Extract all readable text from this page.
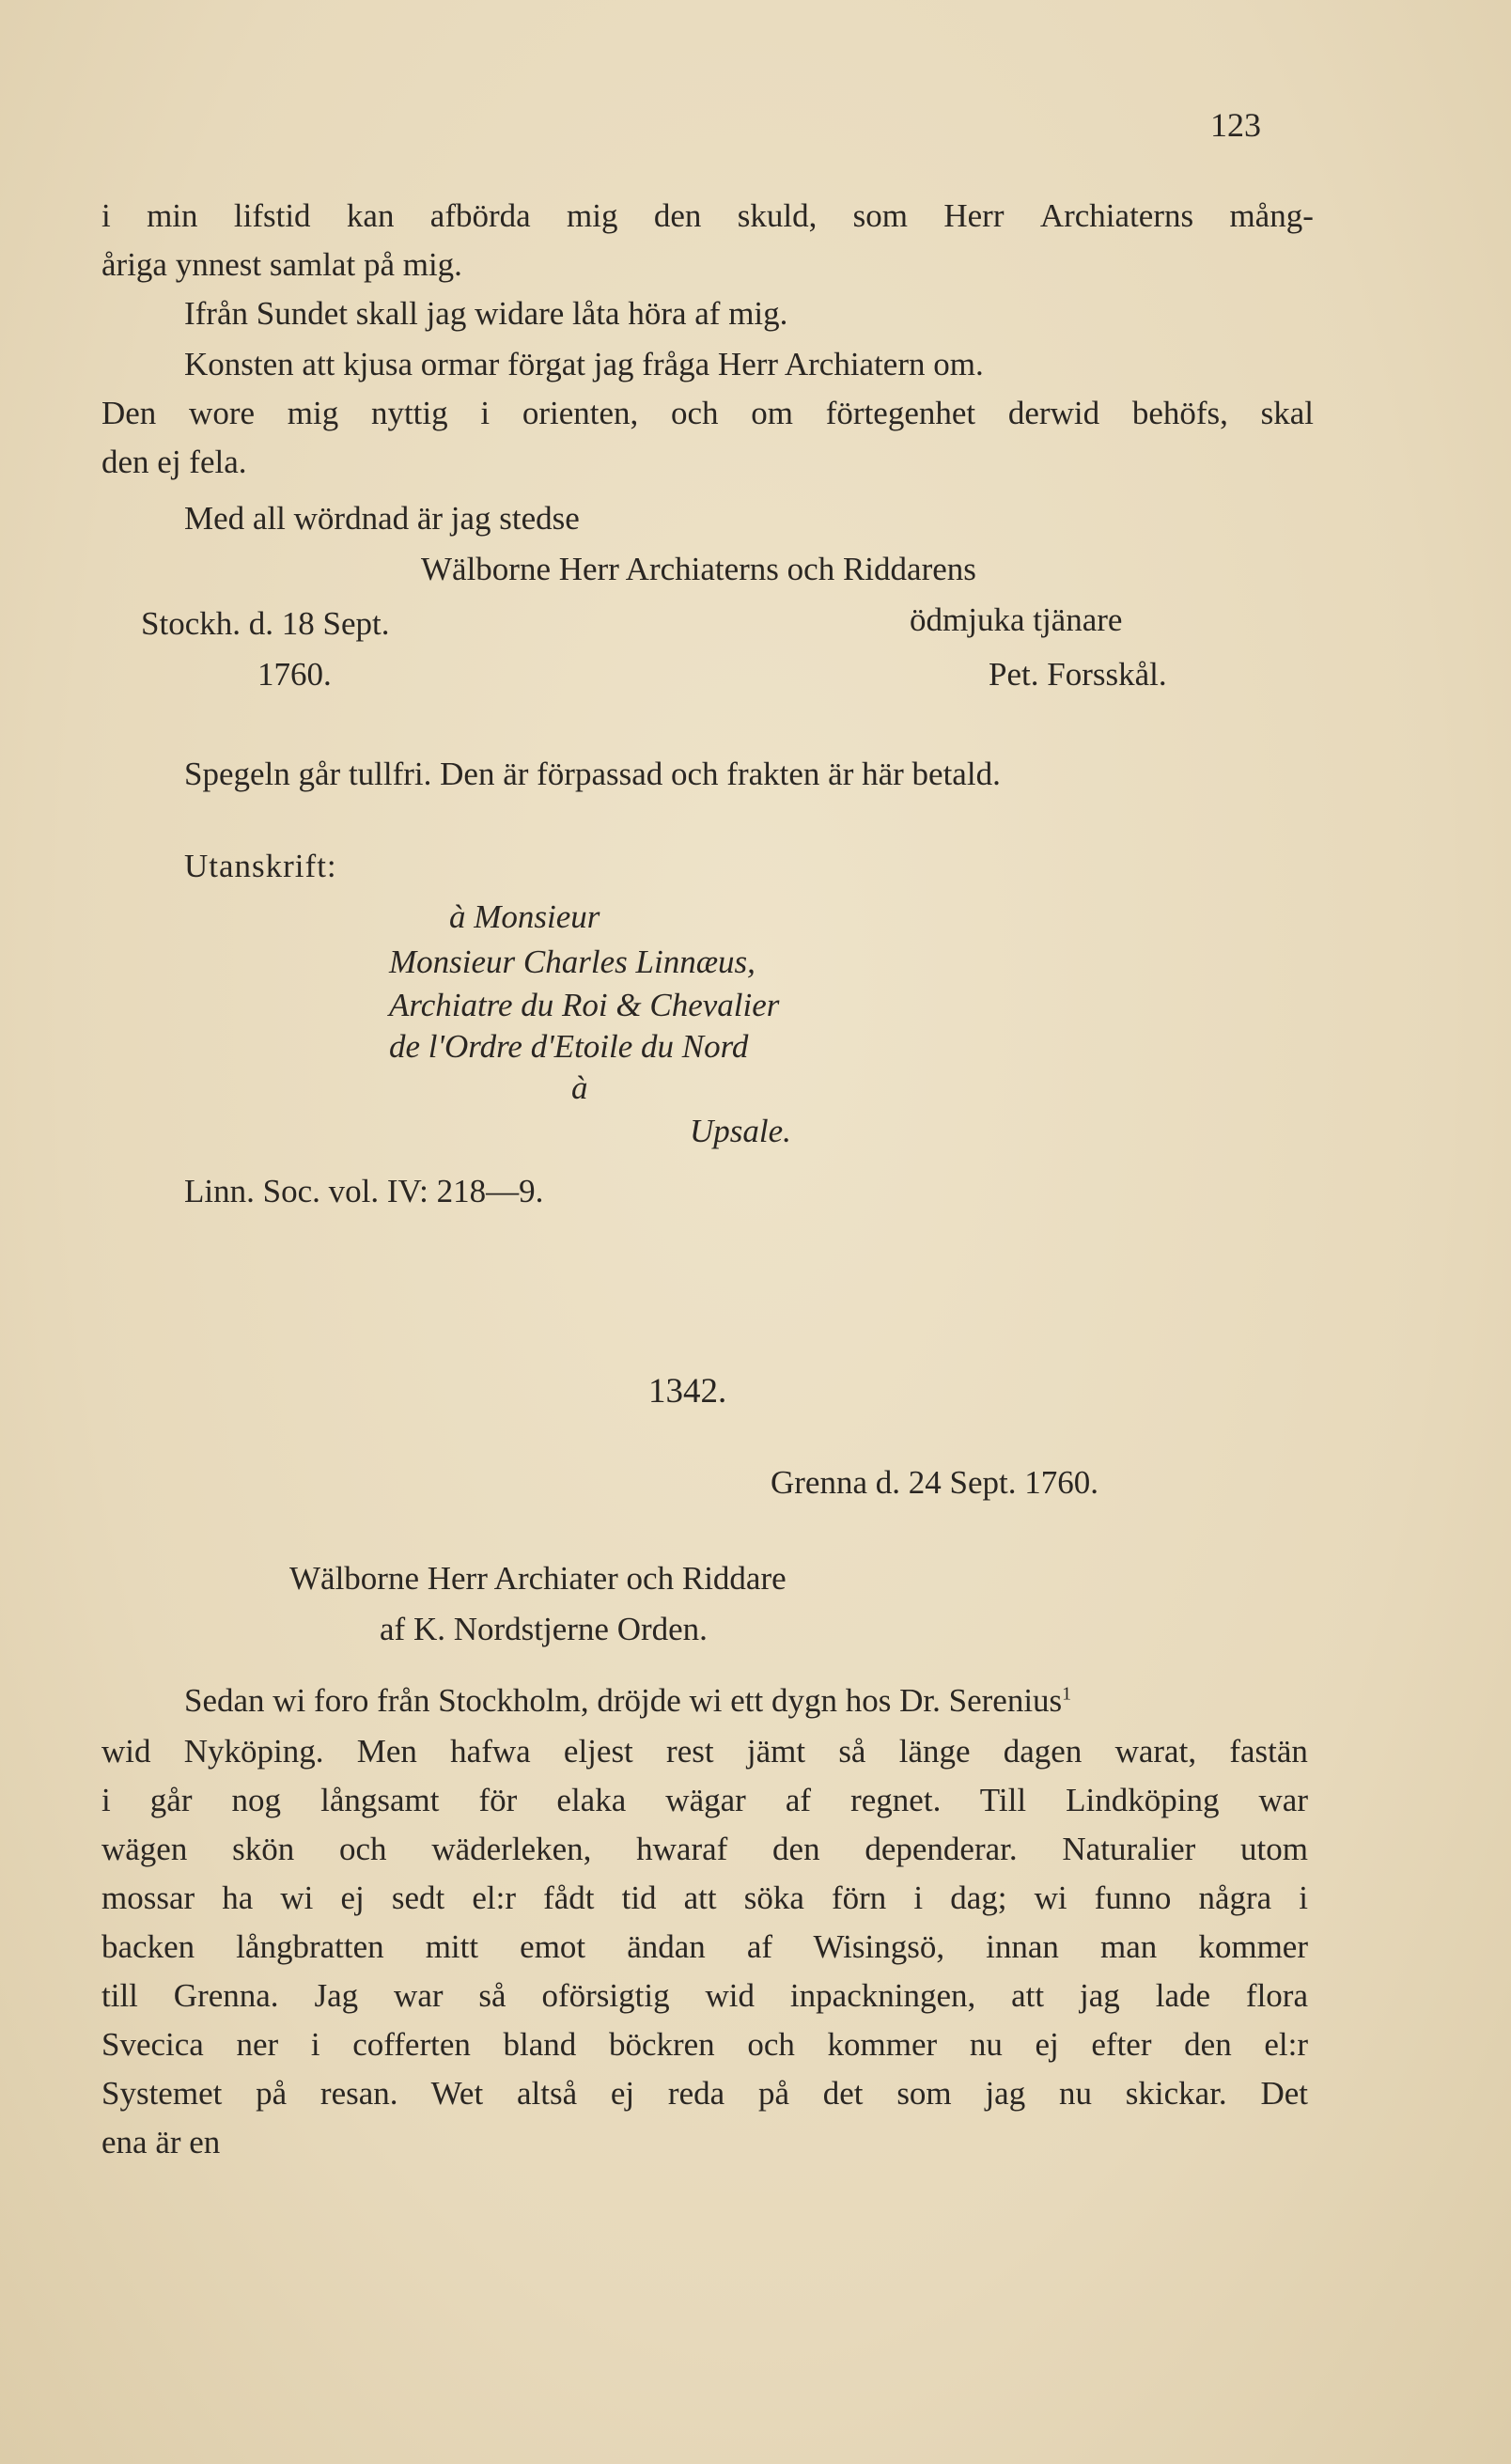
123
i min lifstid kan afbörda mig den skuld, som Herr Archiaterns mång-
åriga ynnest samlat på mig.
Ifrån Sundet skall jag widare låta höra af mig.
Konsten att kjusa ormar förgat jag fråga Herr Archiatern om.
Den wore mig nyttig i orienten, och om förtegenhet derwid behöfs, skal
den ej fela.
Med all wördnad är jag stedse
Wälborne Herr Archiaterns och Riddarens
Stockh. d. 18 Sept.	ödmjuka tjänare
1760.	Pet. Forsskål.
Spegeln går tullfri. Den är förpassad och frakten är här betald.
Utanskrift:
à Monsieur
Monsieur Charles Linnæus,
Archiatre du Roi & Chevalier
de l'Ordre d'Etoile du Nord
à
Upsale.
Linn. Soc. vol. IV: 218—9.
1342.
Grenna d. 24 Sept. 1760.
Wälborne Herr Archiater och Riddare
af K. Nordstjerne Orden.
Sedan wi foro från Stockholm, dröjde wi ett dygn hos Dr. Serenius$^1$
wid Nyköping. Men hafwa eljest rest jämt så länge dagen warat, fastän
i går nog långsamt för elaka wägar af regnet. Till Lindköping war
wägen skön och wäderleken, hwaraf den dependerar. Naturalier utom
mossar ha wi ej sedt el:r fådt tid att söka förn i dag; wi funno några i
backen långbratten mitt emot ändan af Wisingsö, innan man kommer
till Grenna. Jag war så oförsigtig wid inpackningen, att jag lade flora
Svecica ner i cofferten bland böckren och kommer nu ej efter den el:r
Systemet på resan. Wet altså ej reda på det som jag nu skickar. Det
ena är en
